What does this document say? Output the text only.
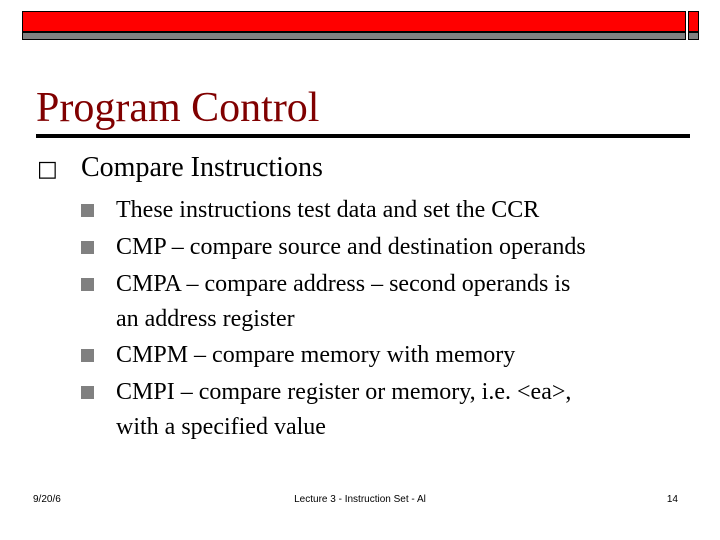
Program Control
□ Compare Instructions
These instructions test data and set the CCR
CMP – compare source and destination operands
CMPA – compare address – second operands is
an address register
CMPM – compare memory with memory
CMPI – compare register or memory, i.e. <ea>,
with a specified value
9/20/6	Lecture 3 - Instruction Set - Al	14
